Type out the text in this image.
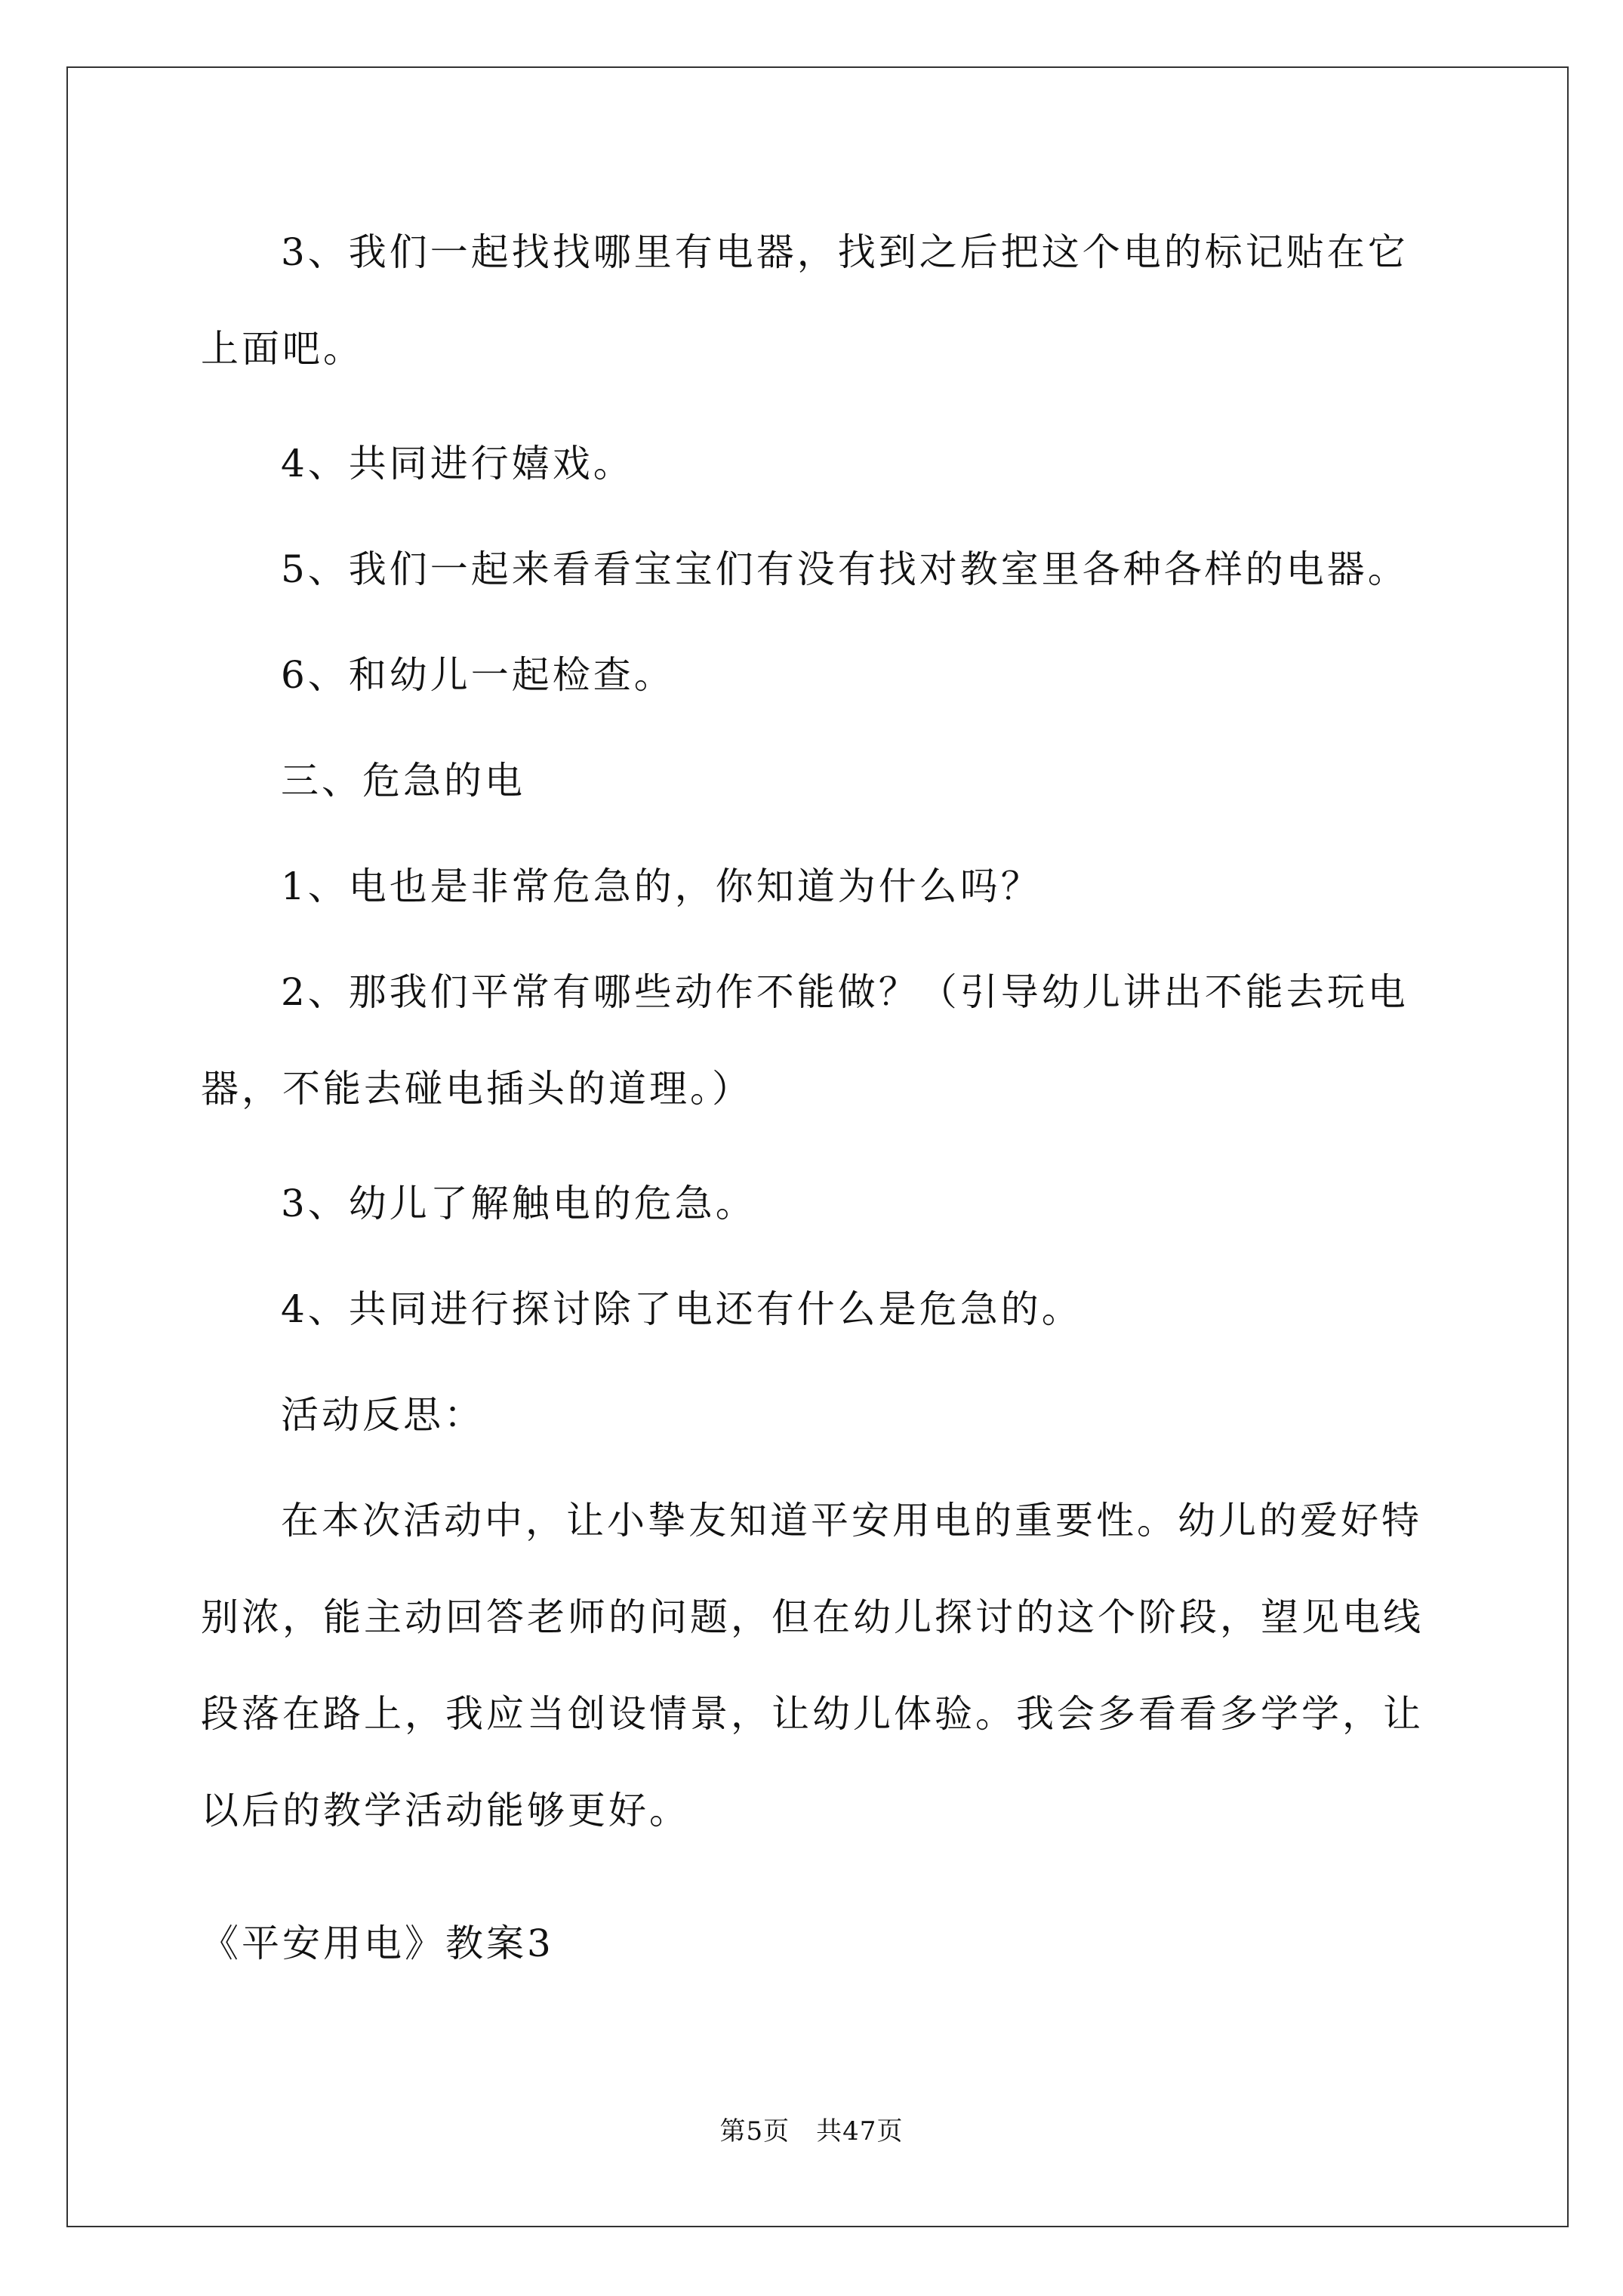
3、我们一起找找哪里有电器，找到之后把这个电的标记贴在它上面吧。

4、共同进行嬉戏。

5、我们一起来看看宝宝们有没有找对教室里各种各样的电器。

6、和幼儿一起检查。

三、危急的电

1、电也是非常危急的，你知道为什么吗？

2、那我们平常有哪些动作不能做？（引导幼儿讲出不能去玩电器，不能去碰电插头的道理。）

3、幼儿了解触电的危急。

4、共同进行探讨除了电还有什么是危急的。

活动反思：

在本次活动中，让小挚友知道平安用电的重要性。幼儿的爱好特别浓，能主动回答老师的问题，但在幼儿探讨的这个阶段，望见电线段落在路上，我应当创设情景，让幼儿体验。我会多看看多学学，让以后的教学活动能够更好。

《平安用电》教案3

第5页　共47页
